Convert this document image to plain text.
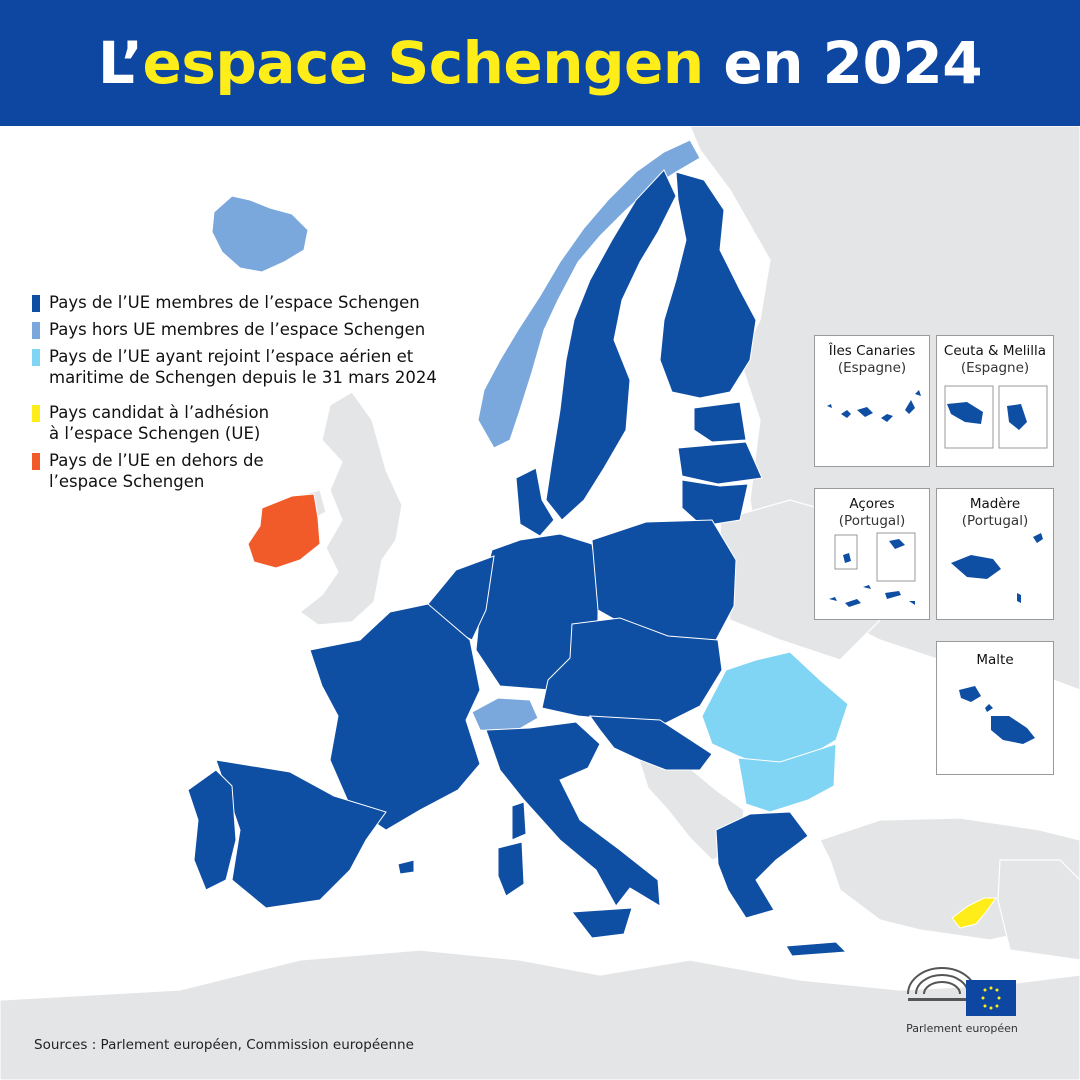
L’espace Schengen en 2024
Îles Canaries
(Espagne)
Ceuta & Melilla
(Espagne)
Açores
(Portugal)
Madère
(Portugal)
Malte
Pays de l’UE membres de l’espace Schengen
Pays hors UE membres de l’espace Schengen
Pays de l’UE ayant rejoint l’espace aérien et
maritime de Schengen depuis le 31 mars 2024
Pays candidat à l’adhésion
à l’espace Schengen (UE)
Pays de l’UE en dehors de
l’espace Schengen
Sources : Parlement européen, Commission européenne
Parlement européen
